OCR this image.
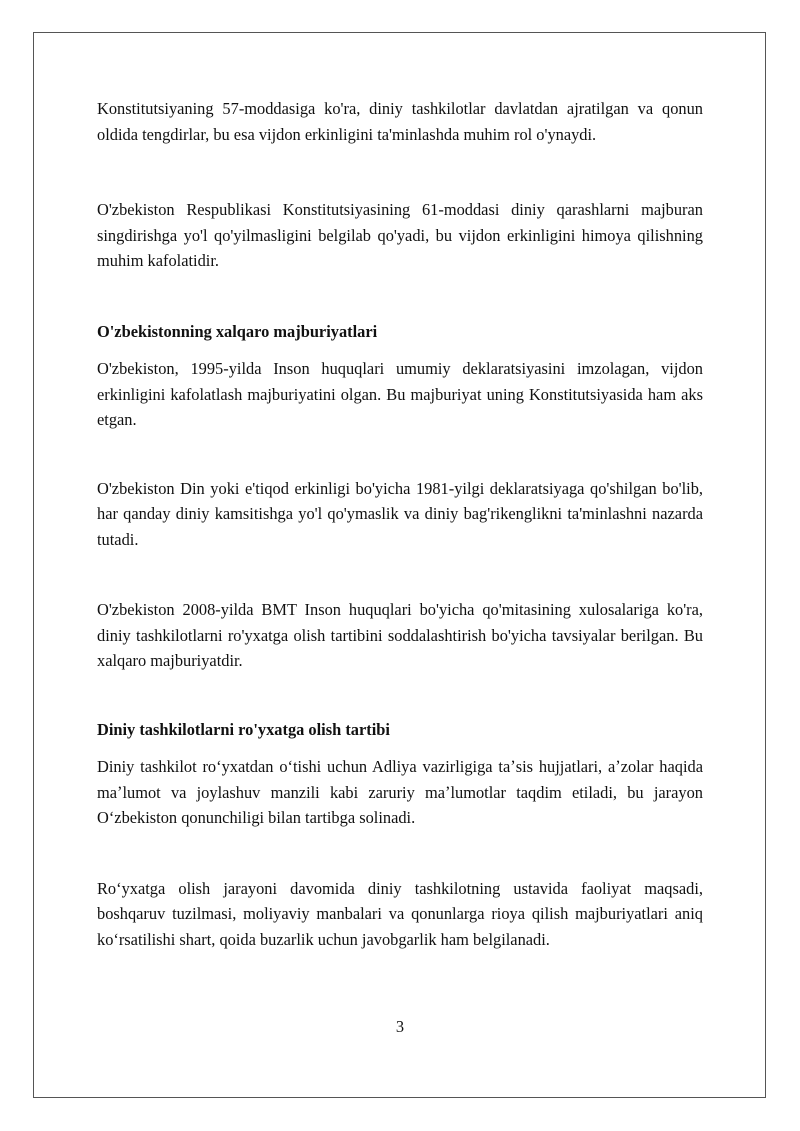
Konstitutsiyaning 57-moddasiga ko'ra, diniy tashkilotlar davlatdan ajratilgan va qonun oldida tengdirlar, bu esa vijdon erkinligini ta'minlashda muhim rol o'ynaydi.

O'zbekiston Respublikasi Konstitutsiyasining 61-moddasi diniy qarashlarni majburan singdirishga yo'l qo'yilmasligini belgilab qo'yadi, bu vijdon erkinligini himoya qilishning muhim kafolatidir.

O'zbekistonning xalqaro majburiyatlari

O'zbekiston, 1995-yilda Inson huquqlari umumiy deklaratsiyasini imzolagan, vijdon erkinligini kafolatlash majburiyatini olgan. Bu majburiyat uning Konstitutsiyasida ham aks etgan.

O'zbekiston Din yoki e'tiqod erkinligi bo'yicha 1981-yilgi deklaratsiyaga qo'shilgan bo'lib, har qanday diniy kamsitishga yo'l qo'ymaslik va diniy bag'rikenglikni ta'minlashni nazarda tutadi.

O'zbekiston 2008-yilda BMT Inson huquqlari bo'yicha qo'mitasining xulosalariga ko'ra, diniy tashkilotlarni ro'yxatga olish tartibini soddalashtirish bo'yicha tavsiyalar berilgan. Bu xalqaro majburiyatdir.

Diniy tashkilotlarni ro'yxatga olish tartibi

Diniy tashkilot roʻyxatdan oʻtishi uchun Adliya vazirligiga taʼsis hujjatlari, aʼzolar haqida maʼlumot va joylashuv manzili kabi zaruriy maʼlumotlar taqdim etiladi, bu jarayon Oʻzbekiston qonunchiligi bilan tartibga solinadi.

Roʻyxatga olish jarayoni davomida diniy tashkilotning ustavida faoliyat maqsadi, boshqaruv tuzilmasi, moliyaviy manbalari va qonunlarga rioya qilish majburiyatlari aniq koʻrsatilishi shart, qoida buzarlik uchun javobgarlik ham belgilanadi.

3
